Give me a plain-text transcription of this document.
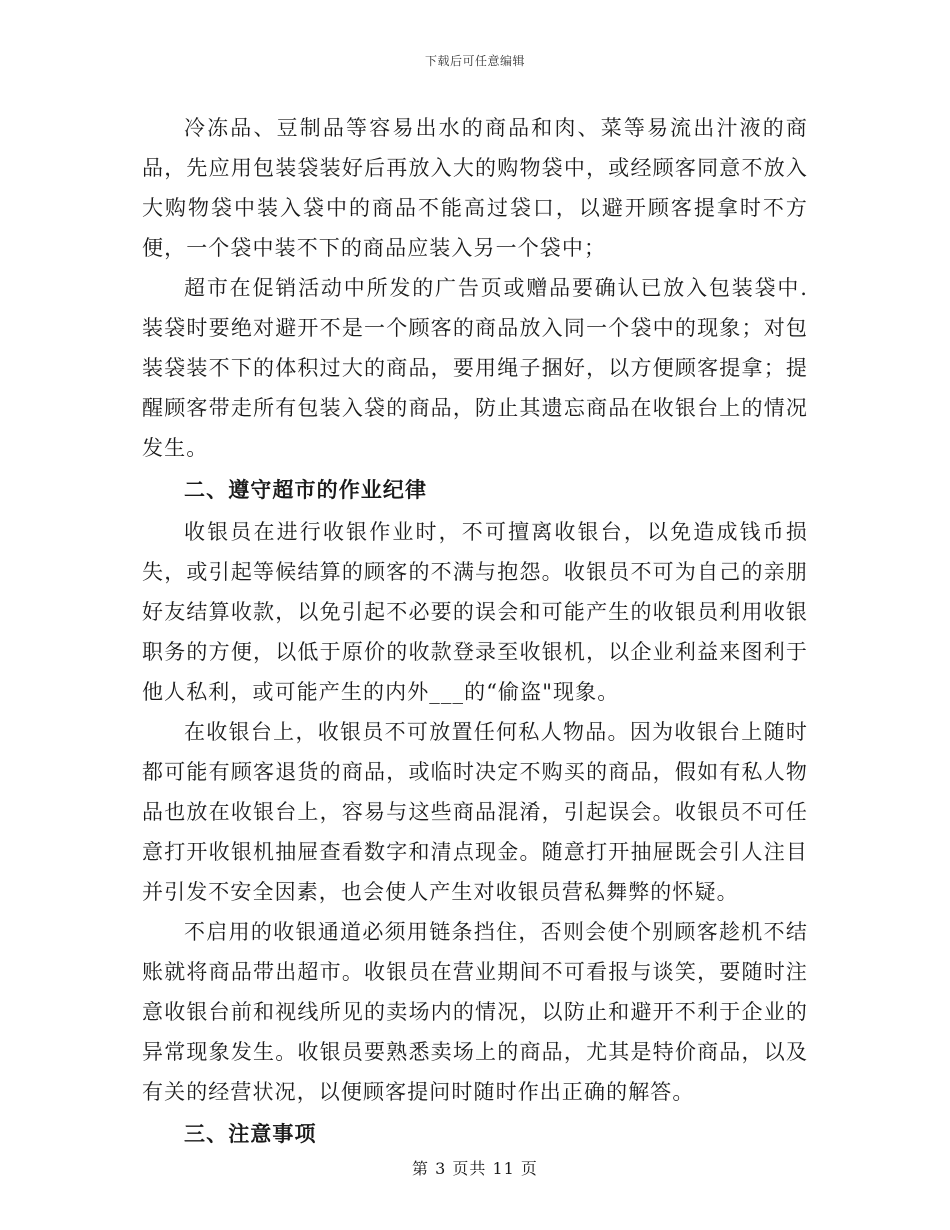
下载后可任意编辑

冷冻品、豆制品等容易出水的商品和肉、菜等易流出汁液的商品，先应用包装袋装好后再放入大的购物袋中，或经顾客同意不放入大购物袋中装入袋中的商品不能高过袋口，以避开顾客提拿时不方便，一个袋中装不下的商品应装入另一个袋中；

超市在促销活动中所发的广告页或赠品要确认已放入包装袋中.装袋时要绝对避开不是一个顾客的商品放入同一个袋中的现象；对包装袋装不下的体积过大的商品，要用绳子捆好，以方便顾客提拿；提醒顾客带走所有包装入袋的商品，防止其遗忘商品在收银台上的情况发生。

二、遵守超市的作业纪律

收银员在进行收银作业时，不可擅离收银台，以免造成钱币损失，或引起等候结算的顾客的不满与抱怨。收银员不可为自己的亲朋好友结算收款，以免引起不必要的误会和可能产生的收银员利用收银职务的方便，以低于原价的收款登录至收银机，以企业利益来图利于他人私利，或可能产生的内外___的“偷盗"现象。

在收银台上，收银员不可放置任何私人物品。因为收银台上随时都可能有顾客退货的商品，或临时决定不购买的商品，假如有私人物品也放在收银台上，容易与这些商品混淆，引起误会。收银员不可任意打开收银机抽屉查看数字和清点现金。随意打开抽屉既会引人注目并引发不安全因素，也会使人产生对收银员营私舞弊的怀疑。

不启用的收银通道必须用链条挡住，否则会使个别顾客趁机不结账就将商品带出超市。收银员在营业期间不可看报与谈笑，要随时注意收银台前和视线所见的卖场内的情况，以防止和避开不利于企业的异常现象发生。收银员要熟悉卖场上的商品，尤其是特价商品，以及有关的经营状况，以便顾客提问时随时作出正确的解答。

三、注意事项
第 3 页共 11 页
